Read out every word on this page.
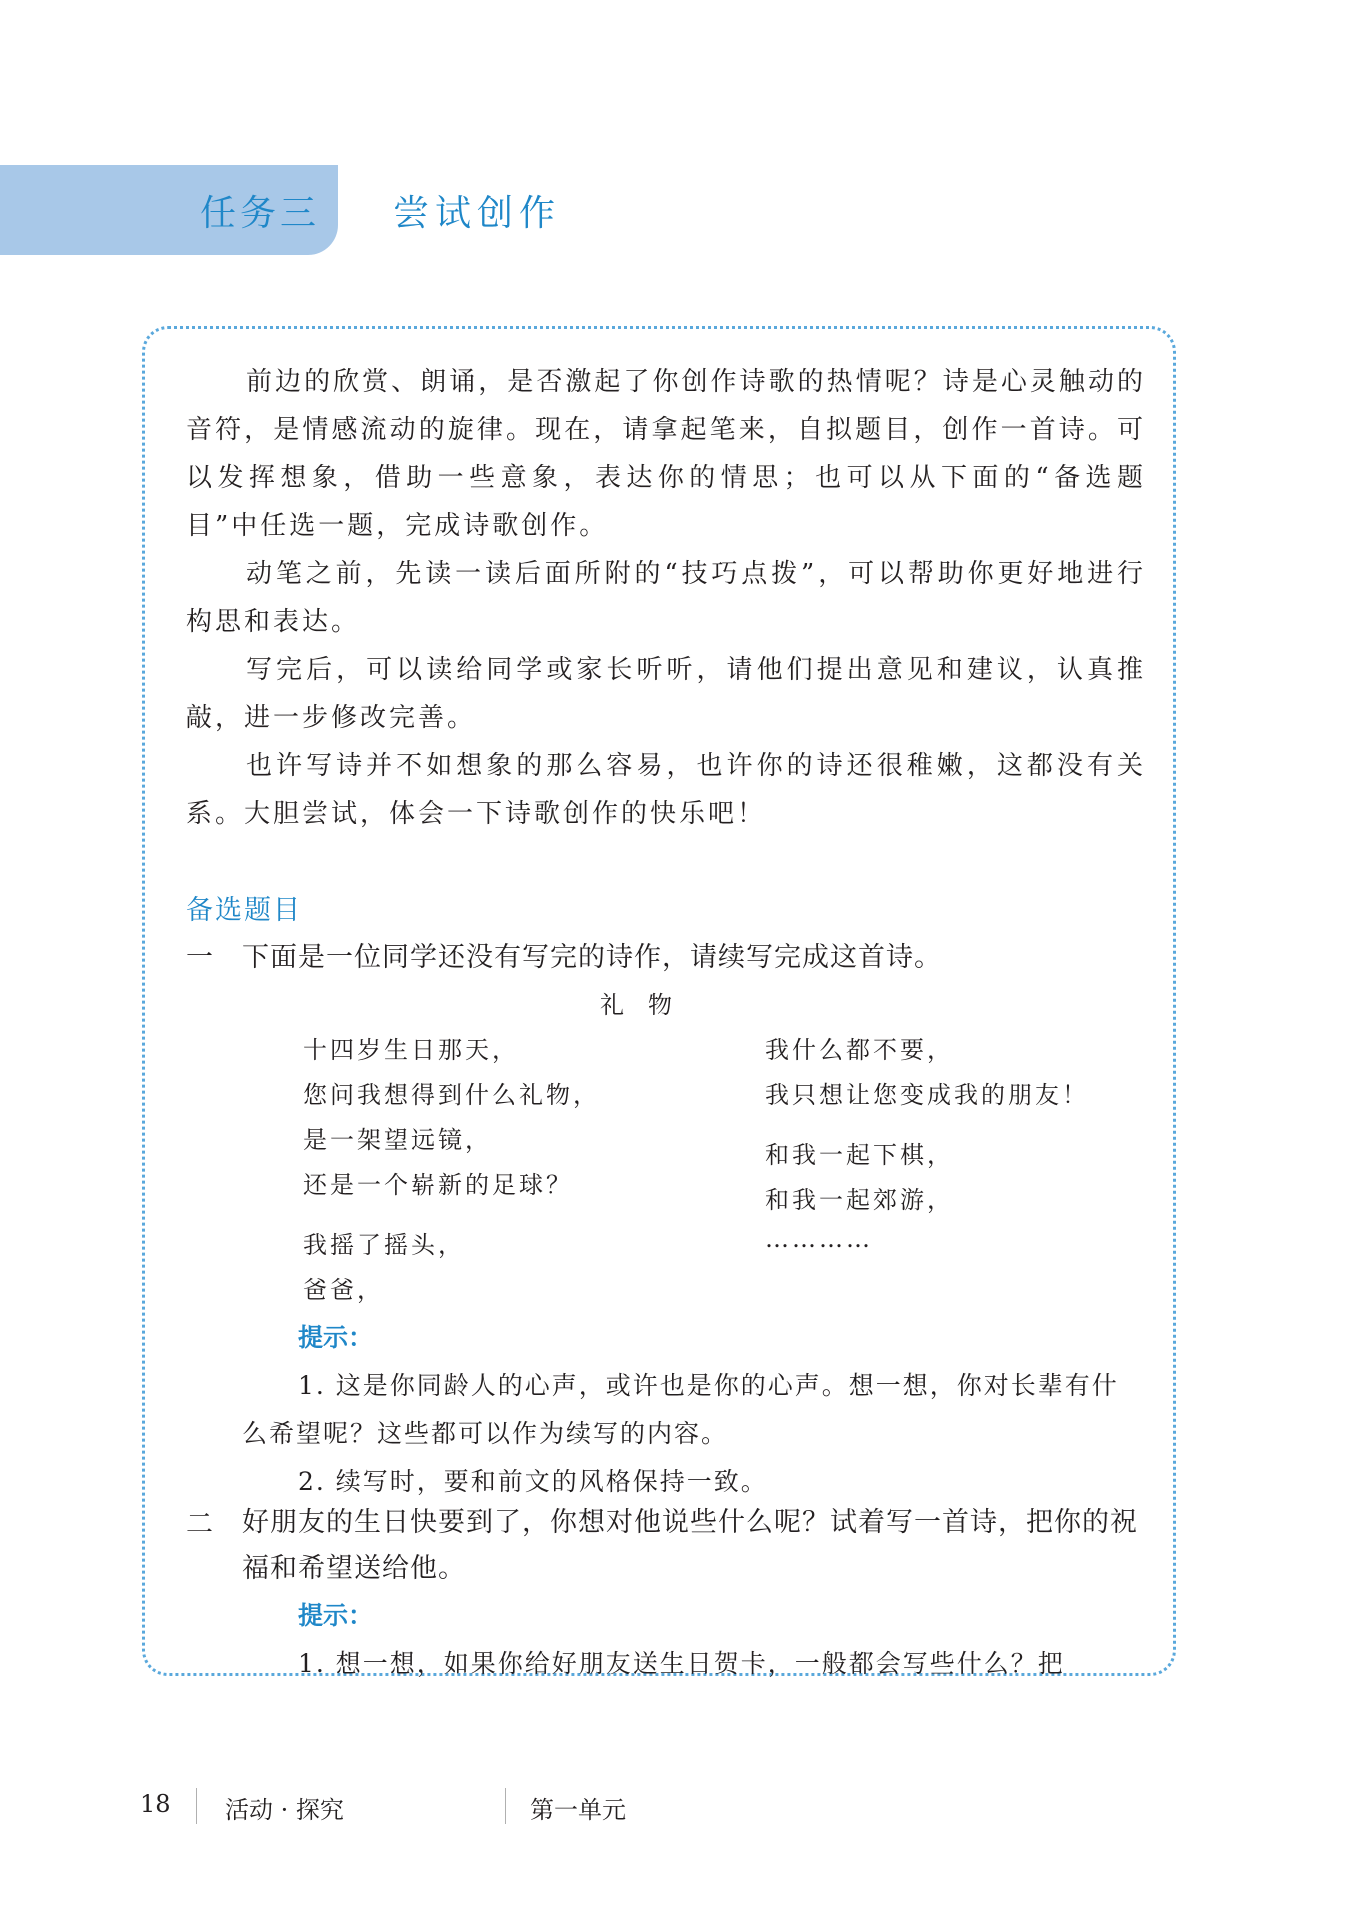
任务三 尝试创作

前边的欣赏、朗诵，是否激起了你创作诗歌的热情呢？诗是心灵触动的音符，是情感流动的旋律。现在，请拿起笔来，自拟题目，创作一首诗。可以发挥想象，借助一些意象，表达你的情思；也可以从下面的“备选题目”中任选一题，完成诗歌创作。

动笔之前，先读一读后面所附的“技巧点拨”，可以帮助你更好地进行构思和表达。

写完后，可以读给同学或家长听听，请他们提出意见和建议，认真推敲，进一步修改完善。

也许写诗并不如想象的那么容易，也许你的诗还很稚嫩，这都没有关系。大胆尝试，体会一下诗歌创作的快乐吧！

备选题目
一 下面是一位同学还没有写完的诗作，请续写完成这首诗。

礼物
十四岁生日那天，
您问我想得到什么礼物，
是一架望远镜，
还是一个崭新的足球？
我摇了摇头，
爸爸，
我什么都不要，
我只想让您变成我的朋友！
和我一起下棋，
和我一起郊游，
…………
提示：

1. 这是你同龄人的心声，或许也是你的心声。想一想，你对长辈有什么希望呢？这些都可以作为续写的内容。

2. 续写时，要和前文的风格保持一致。

二 好朋友的生日快要到了，你想对他说些什么呢？试着写一首诗，把你的祝福和希望送给他。

提示：

1. 想一想，如果你给好朋友送生日贺卡，一般都会写些什么？把

18 活动 · 探究	第一单元
